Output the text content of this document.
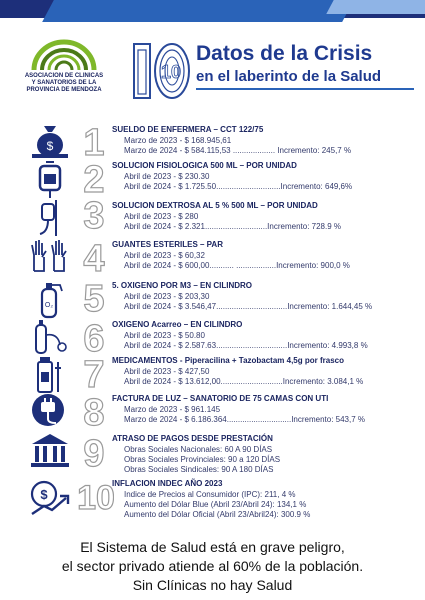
ASOCIACION DE CLINICAS
Y SANATORIOS DE LA
PROVINCIA DE MENDOZA
10
Datos de la Crisis
en el laberinto de la Salud
$ 1 SUELDO DE ENFERMERA – CCT 122/75
Marzo de 2023 - $ 168.945,61
Marzo de 2024 - $ 584.115,53 ................... Incremento: 245,7 %
2 SOLUCION FISIOLOGICA 500 ML – POR UNIDAD
Abril de 2023 - $ 230.30
Abril de 2024 - $ 1.725.50.............................Incremento: 649,6%
3 SOLUCION DEXTROSA AL 5 % 500 ML – POR UNIDAD
Abril de 2023 - $ 280
Abril de 2024 - $ 2.321............................Incremento: 728.9 %
4 GUANTES ESTERILES – PAR
Abril de 2023 - $ 60,32
Abril de 2024 - $ 600,00........... ..................Incremento: 900,0 %
O₂ 5 5. OXIGENO POR M3 – EN CILINDRO
Abril de 2023 - $ 203,30
Abril de 2024 - $ 3.546,47................................Incremento: 1.644,45 %
6 OXIGENO Acarreo – EN CILINDRO
Abril de 2023 - $ 50.80
Abril de 2024 - $ 2.587.63................................Incremento: 4.993,8 %
7 MEDICAMENTOS - Piperacilina + Tazobactam 4,5g por frasco
Abril de 2023 - $ 427,50
Abril de 2024 - $ 13.612,00............................Incremento: 3.084,1 %
8 FACTURA DE LUZ – SANATORIO DE 75 CAMAS CON UTI
Marzo de 2023 - $ 961.145
Marzo de 2024 - $ 6.186.364.............................Incremento: 543,7 %
9 ATRASO DE PAGOS DESDE PRESTACIÓN
Obras Sociales Nacionales: 60 A 90 DÍAS
Obras Sociales Provinciales: 90 a 120 DÍAS
Obras Sociales Sindicales: 90 A 180 DÍAS
$ 10
INFLACION INDEC AÑO 2023
Indice de Precios al Consumidor (IPC): 211, 4 %
Aumento del Dólar Blue (Abril 23/Abril 24): 134,1 %
Aumento del Dólar Oficial (Abril 23/Abril24): 300.9 %
El Sistema de Salud está en grave peligro,
el sector privado atiende al 60% de la población.
Sin Clínicas no hay Salud
